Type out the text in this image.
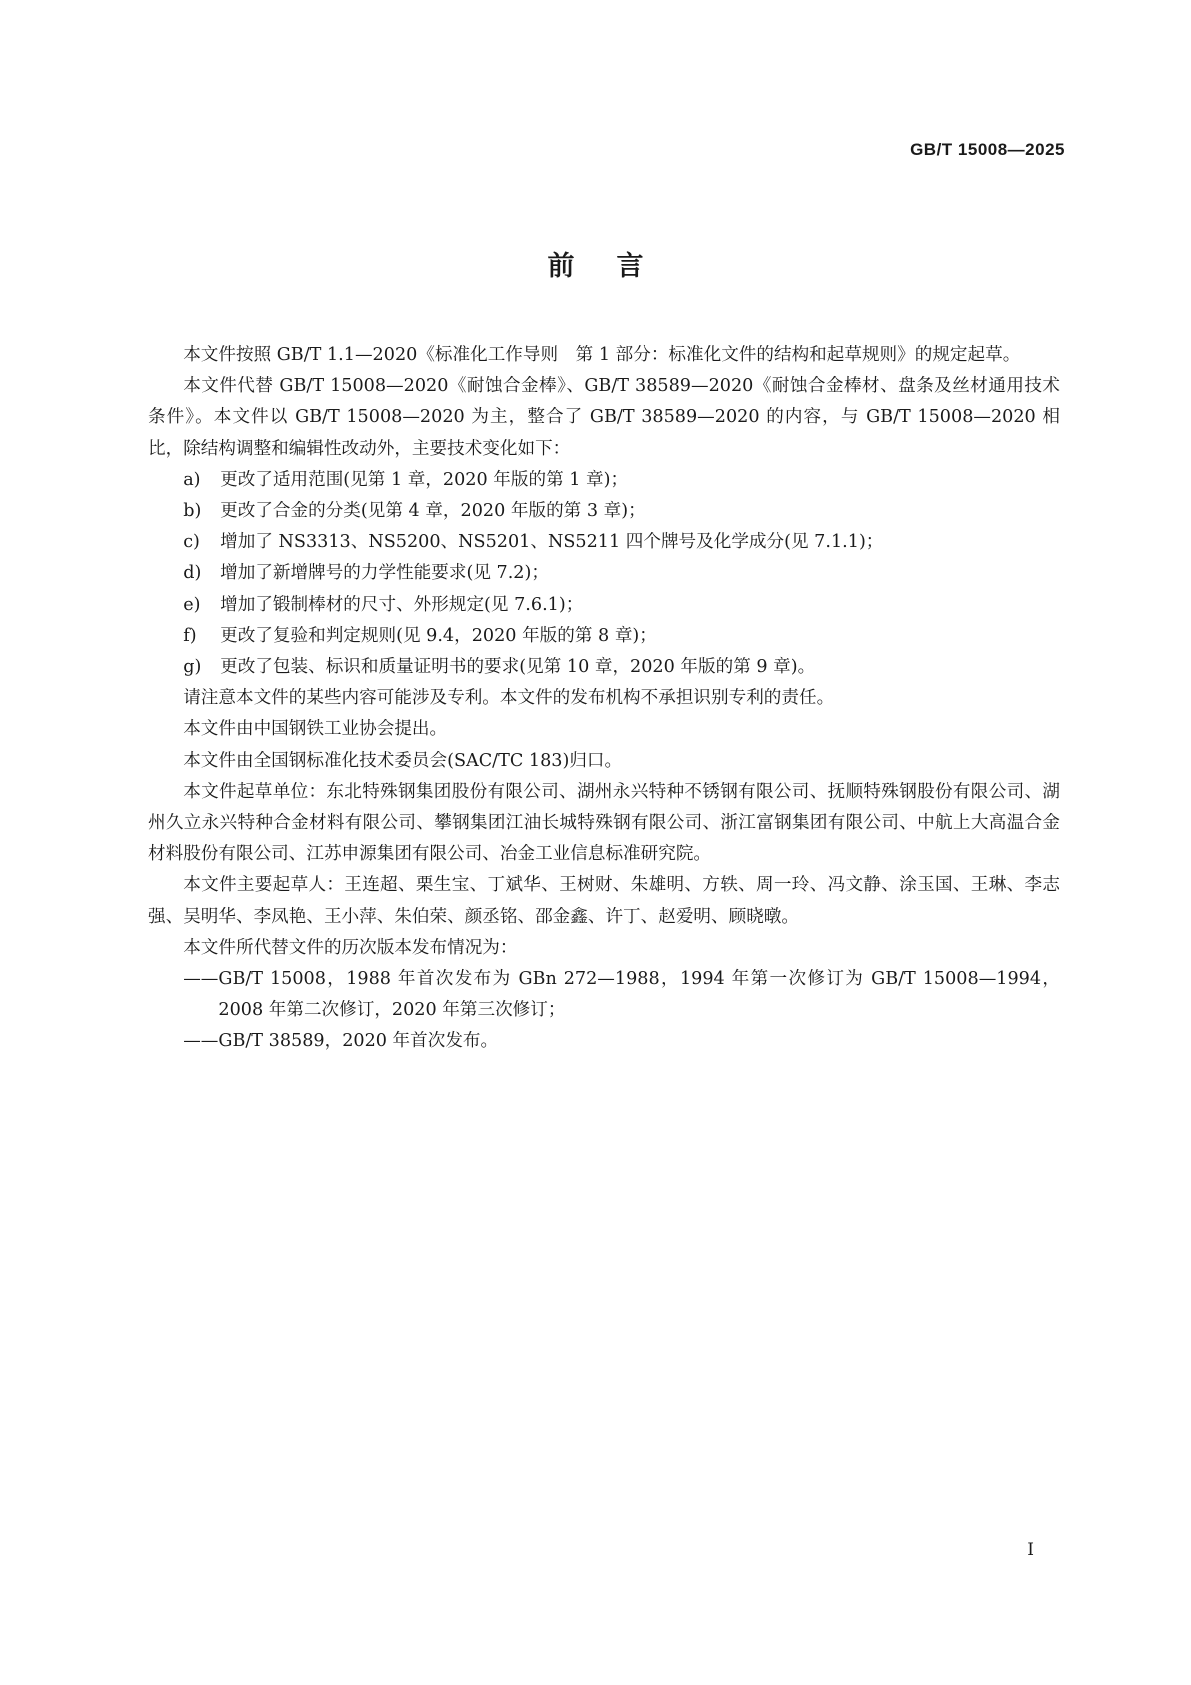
GB/T 15008—2025
前言

本文件按照 GB/T 1.1—2020《标准化工作导则　第 1 部分：标准化文件的结构和起草规则》的规定起草。

本文件代替 GB/T 15008—2020《耐蚀合金棒》、GB/T 38589—2020《耐蚀合金棒材、盘条及丝材通用技术条件》。本文件以 GB/T 15008—2020 为主，整合了 GB/T 38589—2020 的内容，与 GB/T 15008—2020 相比，除结构调整和编辑性改动外，主要技术变化如下：

a) 更改了适用范围(见第 1 章，2020 年版的第 1 章)；

b) 更改了合金的分类(见第 4 章，2020 年版的第 3 章)；

c) 增加了 NS3313、NS5200、NS5201、NS5211 四个牌号及化学成分(见 7.1.1)；

d) 增加了新增牌号的力学性能要求(见 7.2)；

e) 增加了锻制棒材的尺寸、外形规定(见 7.6.1)；

f) 更改了复验和判定规则(见 9.4，2020 年版的第 8 章)；

g) 更改了包装、标识和质量证明书的要求(见第 10 章，2020 年版的第 9 章)。

请注意本文件的某些内容可能涉及专利。本文件的发布机构不承担识别专利的责任。

本文件由中国钢铁工业协会提出。

本文件由全国钢标准化技术委员会(SAC/TC 183)归口。

本文件起草单位：东北特殊钢集团股份有限公司、湖州永兴特种不锈钢有限公司、抚顺特殊钢股份有限公司、湖州久立永兴特种合金材料有限公司、攀钢集团江油长城特殊钢有限公司、浙江富钢集团有限公司、中航上大高温合金材料股份有限公司、江苏申源集团有限公司、冶金工业信息标准研究院。

本文件主要起草人：王连超、栗生宝、丁斌华、王树财、朱雄明、方轶、周一玲、冯文静、涂玉国、王琳、李志强、吴明华、李凤艳、王小萍、朱伯荣、颜丞铭、邵金鑫、许丁、赵爱明、顾晓暾。

本文件所代替文件的历次版本发布情况为：

——GB/T 15008，1988 年首次发布为 GBn 272—1988，1994 年第一次修订为 GB/T 15008—1994，2008 年第二次修订，2020 年第三次修订；

——GB/T 38589，2020 年首次发布。

I
